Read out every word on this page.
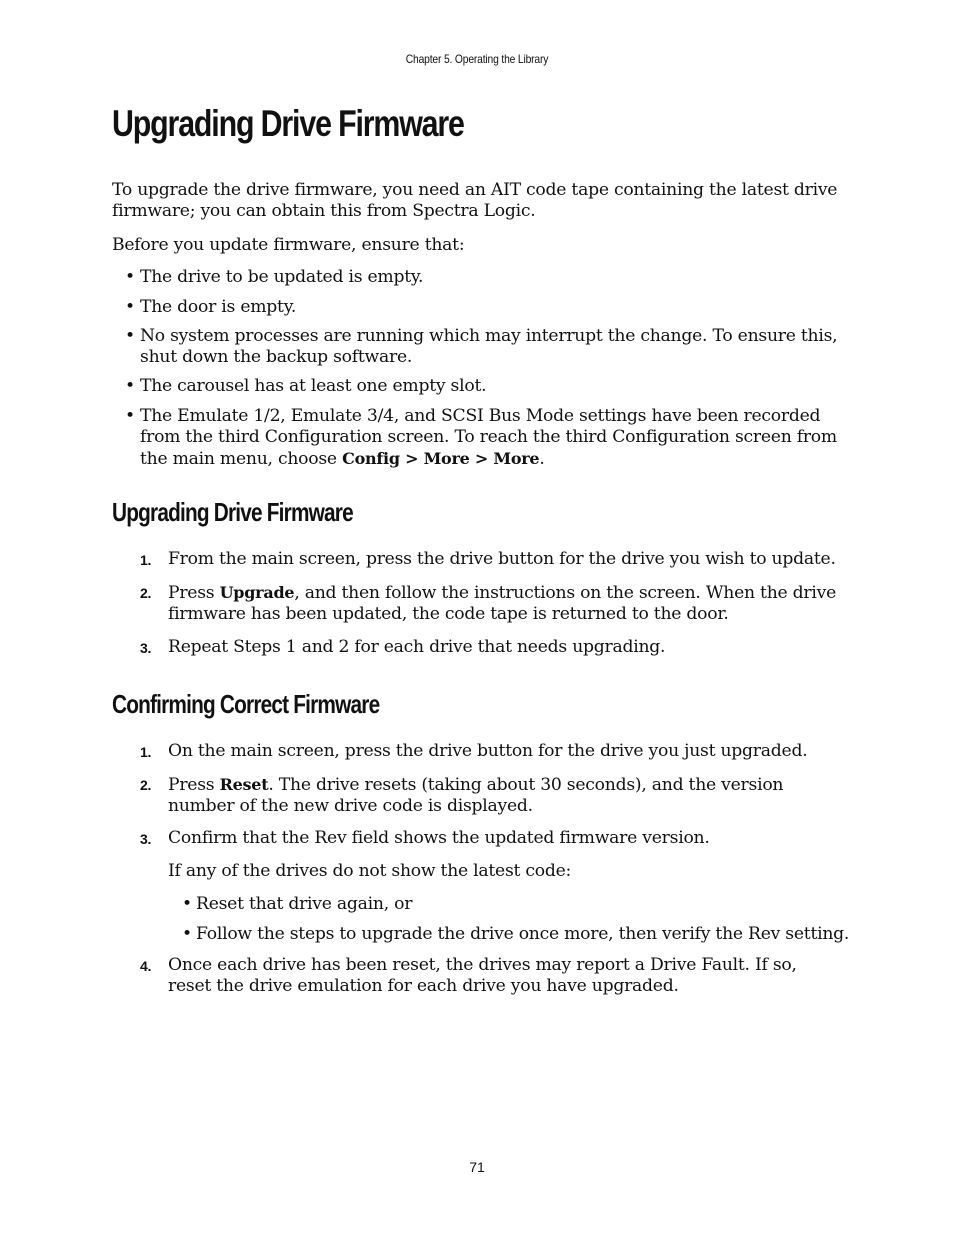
Chapter 5. Operating the Library
Upgrading Drive Firmware

To upgrade the drive firmware, you need an AIT code tape containing the latest drive firmware; you can obtain this from Spectra Logic.

Before you update firmware, ensure that:

• The drive to be updated is empty.
• The door is empty.
• No system processes are running which may interrupt the change. To ensure this, shut down the backup software.
• The carousel has at least one empty slot.
• The Emulate 1/2, Emulate 3/4, and SCSI Bus Mode settings have been recorded from the third Configuration screen. To reach the third Configuration screen from the main menu, choose Config > More > More.
Upgrading Drive Firmware
1. From the main screen, press the drive button for the drive you wish to update.
2. Press Upgrade, and then follow the instructions on the screen. When the drive firmware has been updated, the code tape is returned to the door.
3. Repeat Steps 1 and 2 for each drive that needs upgrading.
Confirming Correct Firmware
1. On the main screen, press the drive button for the drive you just upgraded.
2. Press Reset. The drive resets (taking about 30 seconds), and the version number of the new drive code is displayed.
3. Confirm that the Rev field shows the updated firmware version.

If any of the drives do not show the latest code:

• Reset that drive again, or
• Follow the steps to upgrade the drive once more, then verify the Rev setting.
4. Once each drive has been reset, the drives may report a Drive Fault. If so, reset the drive emulation for each drive you have upgraded.
71
